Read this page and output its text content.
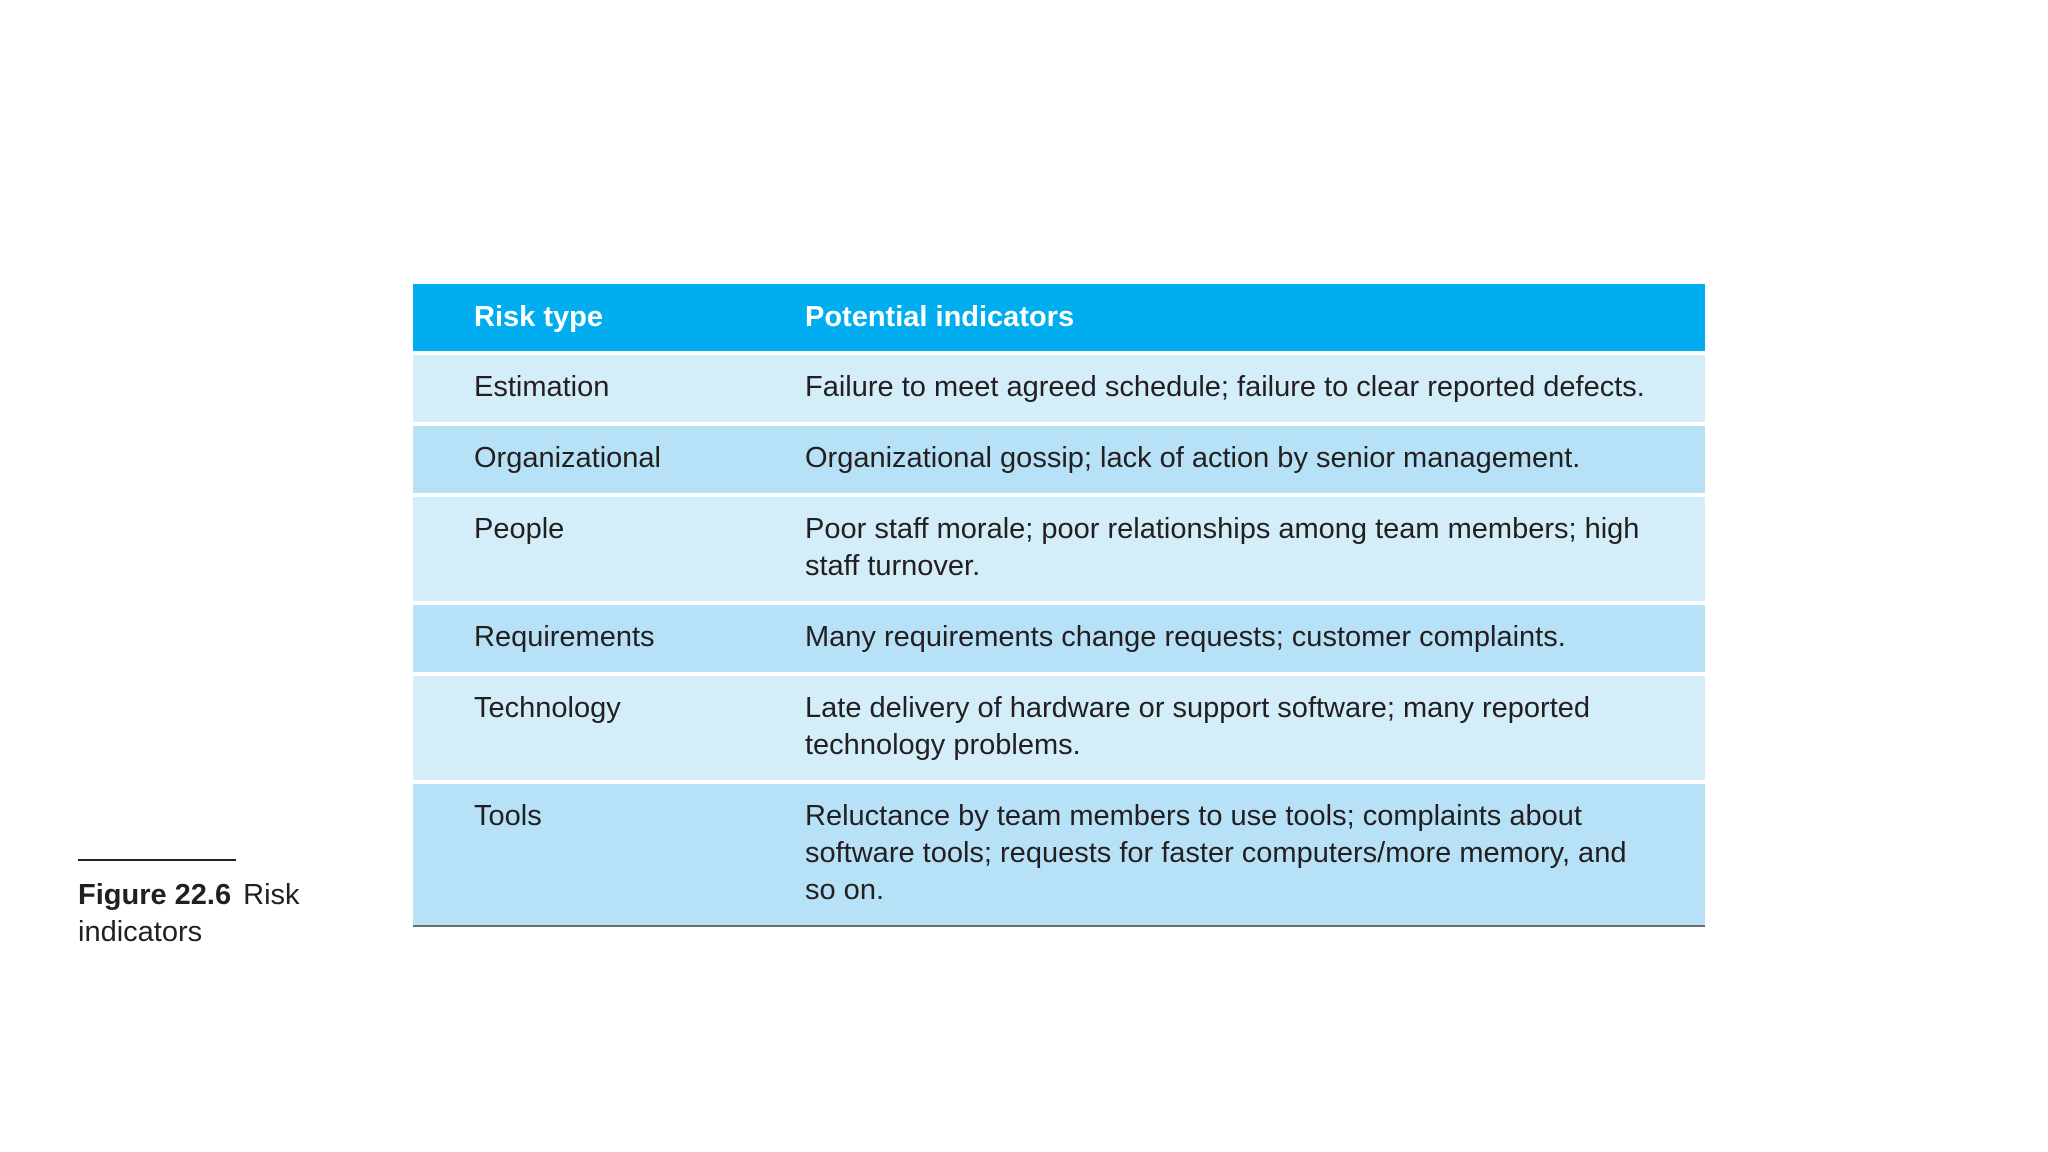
Risk type	Potential indicators
Estimation	Failure to meet agreed schedule; failure to clear reported defects.
Organizational	Organizational gossip; lack of action by senior management.
People	Poor staff morale; poor relationships among team members; high staff turnover.
Requirements	Many requirements change requests; customer complaints.
Technology	Late delivery of hardware or support software; many reported technology problems.
Tools	Reluctance by team members to use tools; complaints about software tools; requests for faster computers/more memory, and so on.
Figure 22.6 Risk indicators
